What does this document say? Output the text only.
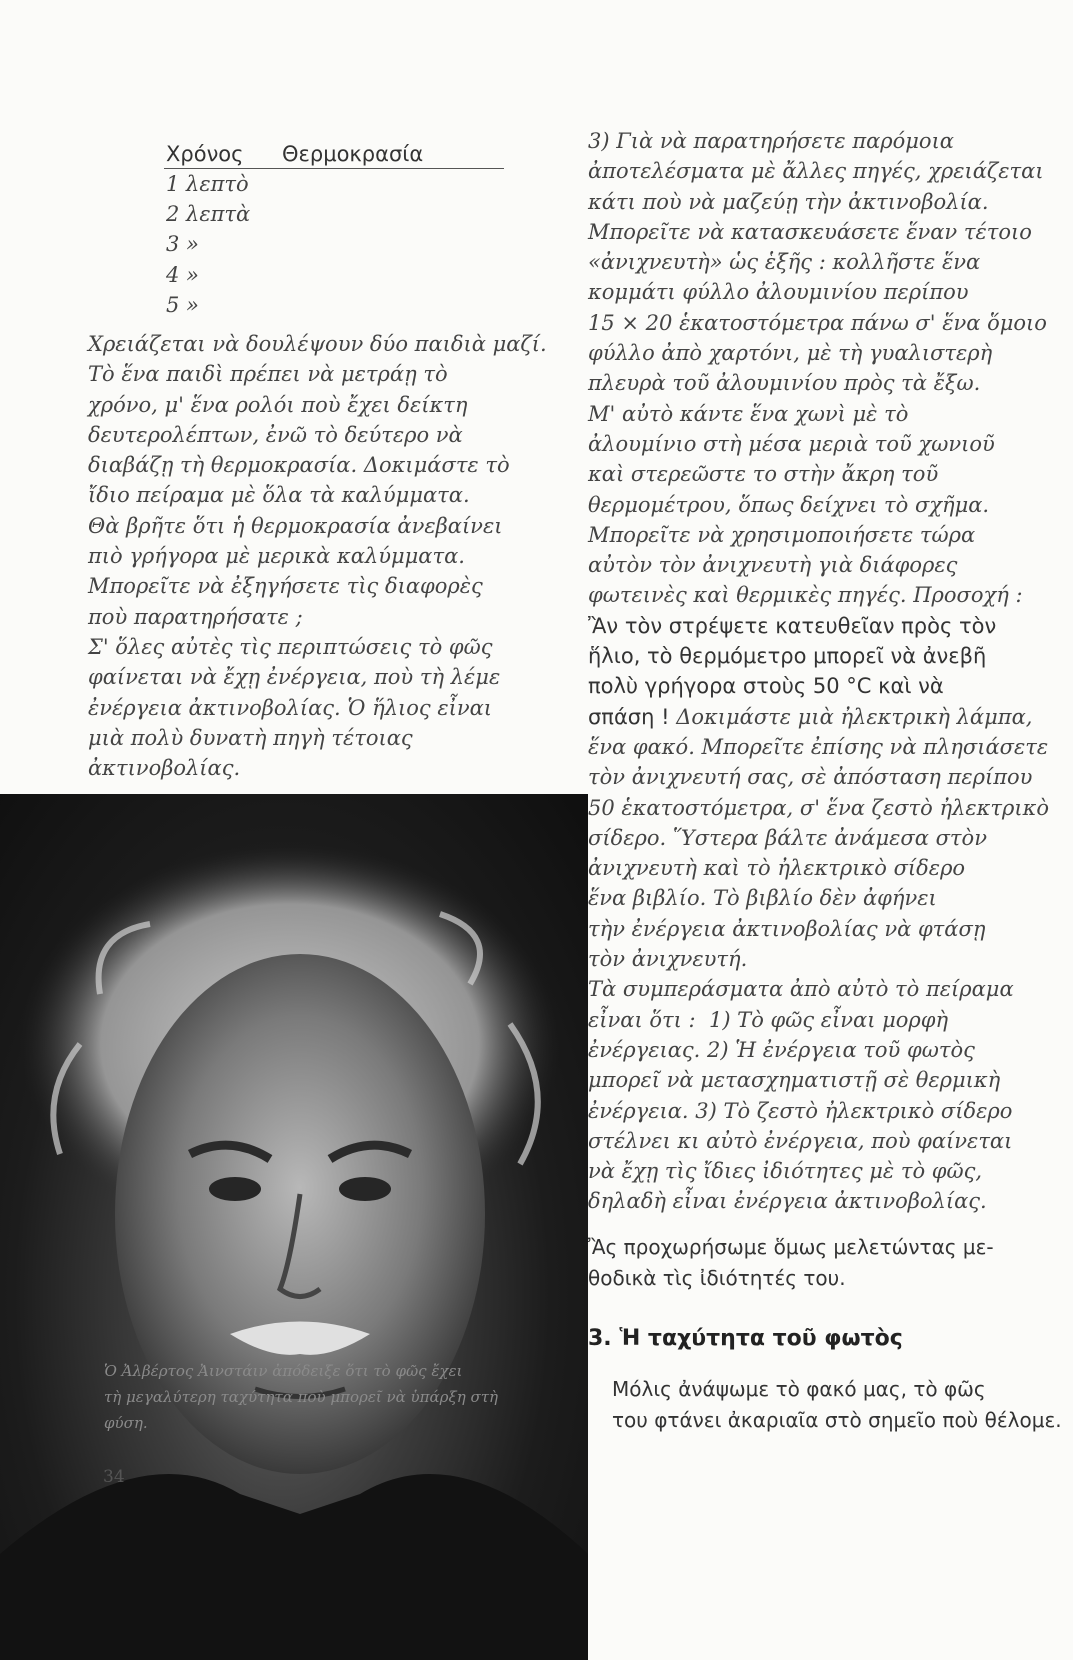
Χρόνος Θερμοκρασία
1 λεπτὸ
2 λεπτὰ
3 »
4 »
5 »

Χρειάζεται νὰ δουλέψουν δύο παιδιὰ μαζί.
Τὸ ἕνα παιδὶ πρέπει νὰ μετράῃ τὸ
χρόνο, μ' ἕνα ρολόι ποὺ ἔχει δείκτη
δευτερολέπτων, ἐνῶ τὸ δεύτερο νὰ
διαβάζῃ τὴ θερμοκρασία. Δοκιμάστε τὸ
ἴδιο πείραμα μὲ ὅλα τὰ καλύμματα.
Θὰ βρῆτε ὅτι ἡ θερμοκρασία ἀνεβαίνει
πιὸ γρήγορα μὲ μερικὰ καλύμματα.
Μπορεῖτε νὰ ἐξηγήσετε τὶς διαφορὲς
ποὺ παρατηρήσατε ;
Σ' ὅλες αὐτὲς τὶς περιπτώσεις τὸ φῶς
φαίνεται νὰ ἔχῃ ἐνέργεια, ποὺ τὴ λέμε
ἐνέργεια ἀκτινοβολίας. Ὁ ἥλιος εἶναι
μιὰ πολὺ δυνατὴ πηγὴ τέτοιας
ἀκτινοβολίας.

Ὁ Ἀλβέρτος Ἀινστάιν ἀπόδειξε ὅτι τὸ φῶς ἔχει
τὴ μεγαλύτερη ταχύτητα ποὺ μπορεῖ νὰ ὑπάρξη στὴ
φύση.
34

3) Γιὰ νὰ παρατηρήσετε παρόμοια
ἀποτελέσματα μὲ ἄλλες πηγές, χρειάζεται
κάτι ποὺ νὰ μαζεύῃ τὴν ἀκτινοβολία.
Μπορεῖτε νὰ κατασκευάσετε ἕναν τέτοιο
«ἀνιχνευτὴ» ὡς ἑξῆς : κολλῆστε ἕνα
κομμάτι φύλλο ἀλουμινίου περίπου
15 × 20 ἑκατοστόμετρα πάνω σ' ἕνα ὅμοιο
φύλλο ἀπὸ χαρτόνι, μὲ τὴ γυαλιστερὴ
πλευρὰ τοῦ ἀλουμινίου πρὸς τὰ ἔξω.
Μ' αὐτὸ κάντε ἕνα χωνὶ μὲ τὸ
ἀλουμίνιο στὴ μέσα μεριὰ τοῦ χωνιοῦ
καὶ στερεῶστε το στὴν ἄκρη τοῦ
θερμομέτρου, ὅπως δείχνει τὸ σχῆμα.
Μπορεῖτε νὰ χρησιμοποιήσετε τώρα
αὐτὸν τὸν ἀνιχνευτὴ γιὰ διάφορες

φωτεινὲς καὶ θερμικὲς πηγές. Προσοχή :
Ἂν τὸν στρέψετε κατευθεῖαν πρὸς τὸν
ἥλιο, τὸ θερμόμετρο μπορεῖ νὰ ἀνεβῆ
πολὺ γρήγορα στοὺς 50 °C καὶ νὰ
σπάση ! Δοκιμάστε μιὰ ἠλεκτρικὴ λάμπα,

ἕνα φακό. Μπορεῖτε ἐπίσης νὰ πλησιάσετε
τὸν ἀνιχνευτή σας, σὲ ἀπόσταση περίπου
50 ἑκατοστόμετρα, σ' ἕνα ζεστὸ ἠλεκτρικὸ
σίδερο. Ὕστερα βάλτε ἀνάμεσα στὸν
ἀνιχνευτὴ καὶ τὸ ἠλεκτρικὸ σίδερο
ἕνα βιβλίο. Τὸ βιβλίο δὲν ἀφήνει
τὴν ἐνέργεια ἀκτινοβολίας νὰ φτάσῃ
τὸν ἀνιχνευτή.
Τὰ συμπεράσματα ἀπὸ αὐτὸ τὸ πείραμα
εἶναι ὅτι :  1) Τὸ φῶς εἶναι μορφὴ
ἐνέργειας. 2) Ἡ ἐνέργεια τοῦ φωτὸς
μπορεῖ νὰ μετασχηματιστῇ σὲ θερμικὴ
ἐνέργεια. 3) Τὸ ζεστὸ ἠλεκτρικὸ σίδερο
στέλνει κι αὐτὸ ἐνέργεια, ποὺ φαίνεται
νὰ ἔχῃ τὶς ἴδιες ἰδιότητες μὲ τὸ φῶς,
δηλαδὴ εἶναι ἐνέργεια ἀκτινοβολίας.

Ἂς προχωρήσωμε ὅμως μελετώντας με-
θοδικὰ τὶς ἰδιότητές του.

3. Ἡ ταχύτητα τοῦ φωτὸς

Μόλις ἀνάψωμε τὸ φακό μας, τὸ φῶς
του φτάνει ἀκαριαῖα στὸ σημεῖο ποὺ θέλομε.
